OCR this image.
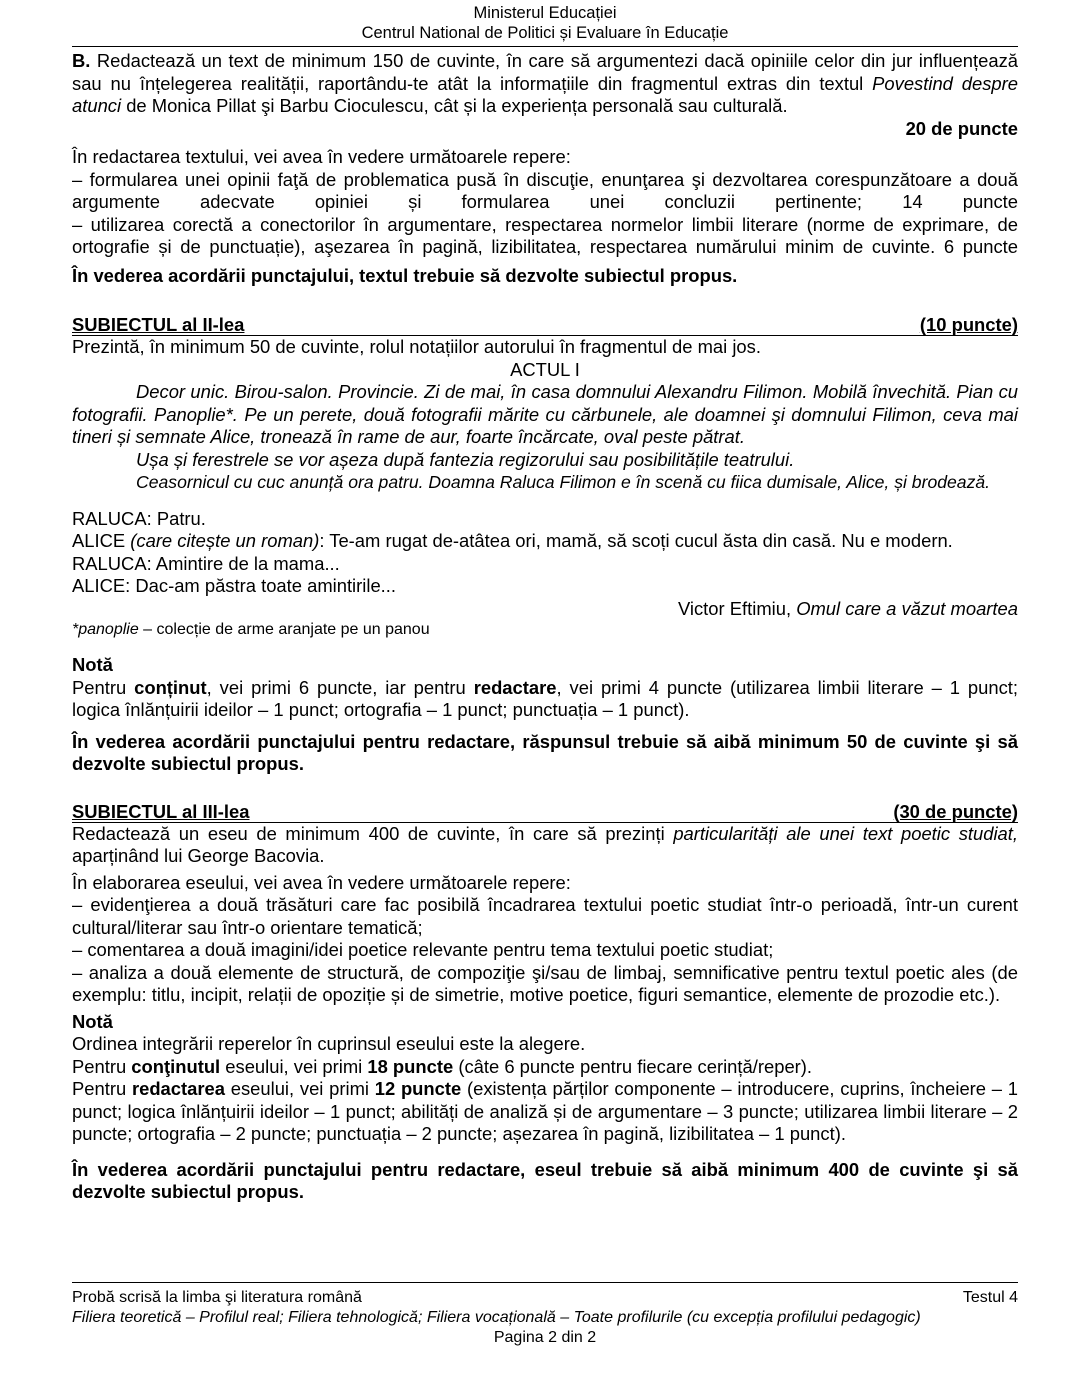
Ministerul Educației
Centrul National de Politici și Evaluare în Educație

B. Redactează un text de minimum 150 de cuvinte, în care să argumentezi dacă opiniile celor din jur influențează sau nu înțelegerea realității, raportându-te atât la informațiile din fragmentul extras din textul Povestind despre atunci de Monica Pillat şi Barbu Cioculescu, cât și la experiența personală sau culturală.

20 de puncte

În redactarea textului, vei avea în vedere următoarele repere:

– formularea unei opinii faţă de problematica pusă în discuţie, enunţarea şi dezvoltarea corespunzătoare a două argumente adecvate opiniei și formularea unei concluzii pertinente; 14 puncte

– utilizarea corectă a conectorilor în argumentare, respectarea normelor limbii literare (norme de exprimare, de ortografie și de punctuație), aşezarea în pagină, lizibilitatea, respectarea numărului minim de cuvinte. 6 puncte

În vederea acordării punctajului, textul trebuie să dezvolte subiectul propus.

SUBIECTUL al II-lea	(10 puncte)

Prezintă, în minimum 50 de cuvinte, rolul notațiilor autorului în fragmentul de mai jos.

ACTUL I

Decor unic. Birou-salon. Provincie. Zi de mai, în casa domnului Alexandru Filimon. Mobilă învechită. Pian cu fotografii. Panoplie*. Pe un perete, două fotografii mărite cu cărbunele, ale doamnei şi domnului Filimon, ceva mai tineri și semnate Alice, tronează în rame de aur, foarte încărcate, oval peste pătrat.

Ușa și ferestrele se vor așeza după fantezia regizorului sau posibilitățile teatrului.

Ceasornicul cu cuc anunță ora patru. Doamna Raluca Filimon e în scenă cu fiica dumisale, Alice, și brodează.

RALUCA: Patru.

ALICE (care citește un roman): Te-am rugat de-atâtea ori, mamă, să scoți cucul ăsta din casă. Nu e modern.

RALUCA: Amintire de la mama...

ALICE: Dac-am păstra toate amintirile...

Victor Eftimiu, Omul care a văzut moartea

*panoplie – colecție de arme aranjate pe un panou

Notă

Pentru conținut, vei primi 6 puncte, iar pentru redactare, vei primi 4 puncte (utilizarea limbii literare – 1 punct; logica înlănțuirii ideilor – 1 punct; ortografia – 1 punct; punctuația – 1 punct).

În vederea acordării punctajului pentru redactare, răspunsul trebuie să aibă minimum 50 de cuvinte şi să dezvolte subiectul propus.

SUBIECTUL al III-lea	(30 de puncte)

Redactează un eseu de minimum 400 de cuvinte, în care să prezinți particularități ale unei text poetic studiat, aparținând lui George Bacovia.

În elaborarea eseului, vei avea în vedere următoarele repere:

– evidenţierea a două trăsături care fac posibilă încadrarea textului poetic studiat într-o perioadă, într-un curent cultural/literar sau într-o orientare tematică;

– comentarea a două imagini/idei poetice relevante pentru tema textului poetic studiat;

– analiza a două elemente de structură, de compoziţie şi/sau de limbaj, semnificative pentru textul poetic ales (de exemplu: titlu, incipit, relații de opoziție și de simetrie, motive poetice, figuri semantice, elemente de prozodie etc.).

Notă

Ordinea integrării reperelor în cuprinsul eseului este la alegere.

Pentru conţinutul eseului, vei primi 18 puncte (câte 6 puncte pentru fiecare cerință/reper).

Pentru redactarea eseului, vei primi 12 puncte (existența părților componente – introducere, cuprins, încheiere – 1 punct; logica înlănțuirii ideilor – 1 punct; abilități de analiză și de argumentare – 3 puncte; utilizarea limbii literare – 2 puncte; ortografia – 2 puncte; punctuația – 2 puncte; așezarea în pagină, lizibilitatea – 1 punct).

În vederea acordării punctajului pentru redactare, eseul trebuie să aibă minimum 400 de cuvinte şi să dezvolte subiectul propus.

Probă scrisă la limba şi literatura română	Testul 4
Filiera teoretică – Profilul real; Filiera tehnologică; Filiera vocațională – Toate profilurile (cu excepția profilului pedagogic)
Pagina 2 din 2
